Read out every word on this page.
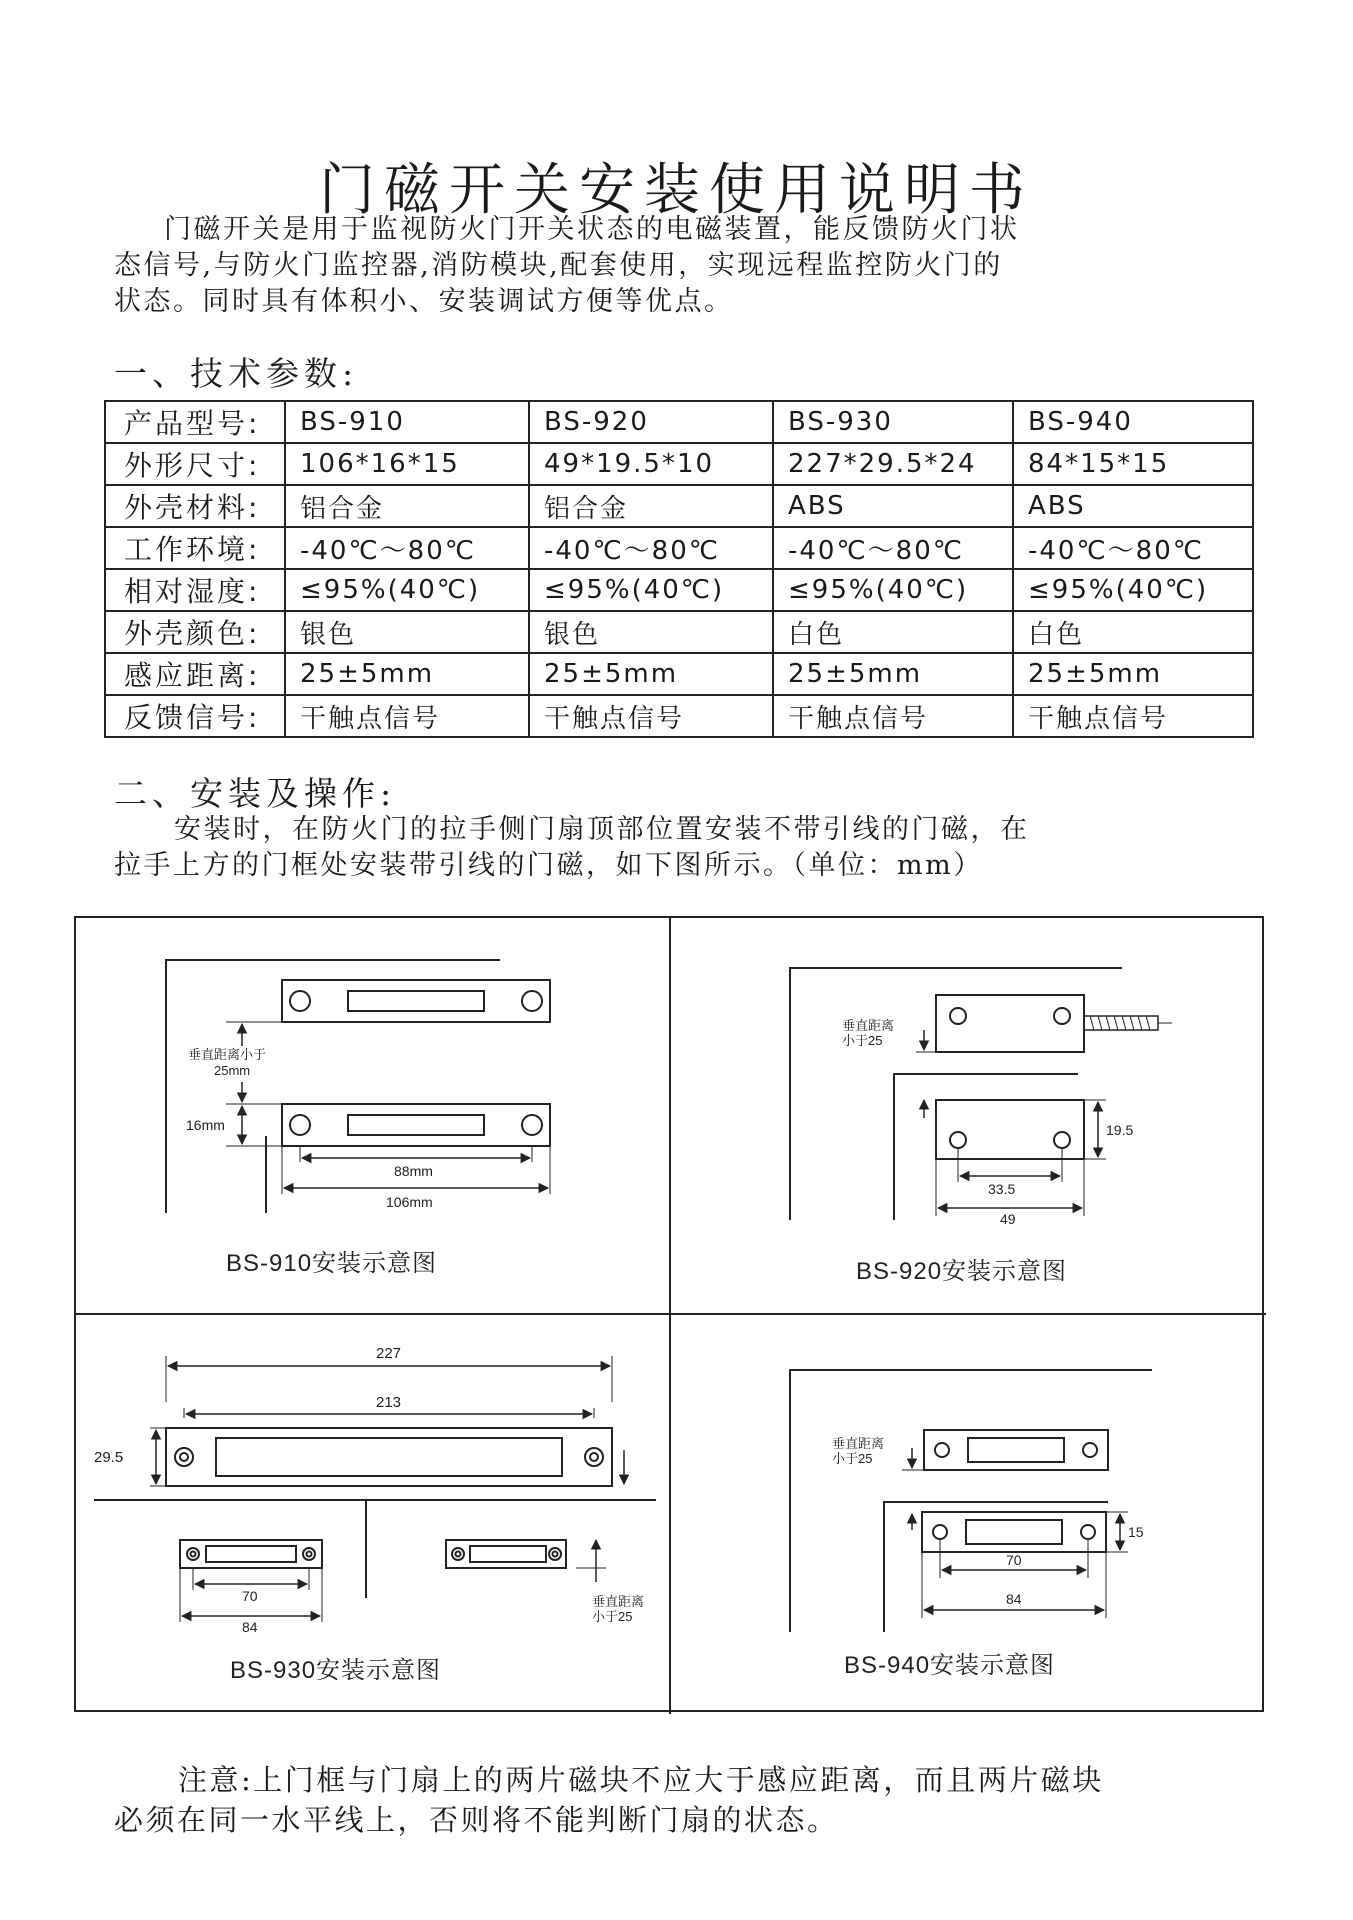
门磁开关安装使用说明书

门磁开关是用于监视防火门开关状态的电磁装置，能反馈防火门状
态信号,与防火门监控器,消防模块,配套使用，实现远程监控防火门的
状态。同时具有体积小、安装调试方便等优点。

一、技术参数:
产品型号:	BS-910	BS-920	BS-930	BS-940
外形尺寸:	106*16*15	49*19.5*10	227*29.5*24	84*15*15
外壳材料:	铝合金	铝合金	ABS	ABS
工作环境:	-40℃～80℃	-40℃～80℃	-40℃～80℃	-40℃～80℃
相对湿度:	≤95%(40℃)	≤95%(40℃)	≤95%(40℃)	≤95%(40℃)
外壳颜色:	银色	银色	白色	白色
感应距离:	25±5mm	25±5mm	25±5mm	25±5mm
反馈信号:	干触点信号	干触点信号	干触点信号	干触点信号
二、安装及操作:

安装时，在防火门的拉手侧门扇顶部位置安装不带引线的门磁，在
拉手上方的门框处安装带引线的门磁，如下图所示。（单位：mm）

垂直距离小于
25mm
16mm
88mm
106mm
BS-910安装示意图
垂直距离
小于25
19.5
33.5
49
BS-920安装示意图
29.5
227
213
70
84
垂直距离
小于25
BS-930安装示意图
垂直距离
小于25
15
70
84
BS-940安装示意图

注意:上门框与门扇上的两片磁块不应大于感应距离，而且两片磁块
必须在同一水平线上，否则将不能判断门扇的状态。
